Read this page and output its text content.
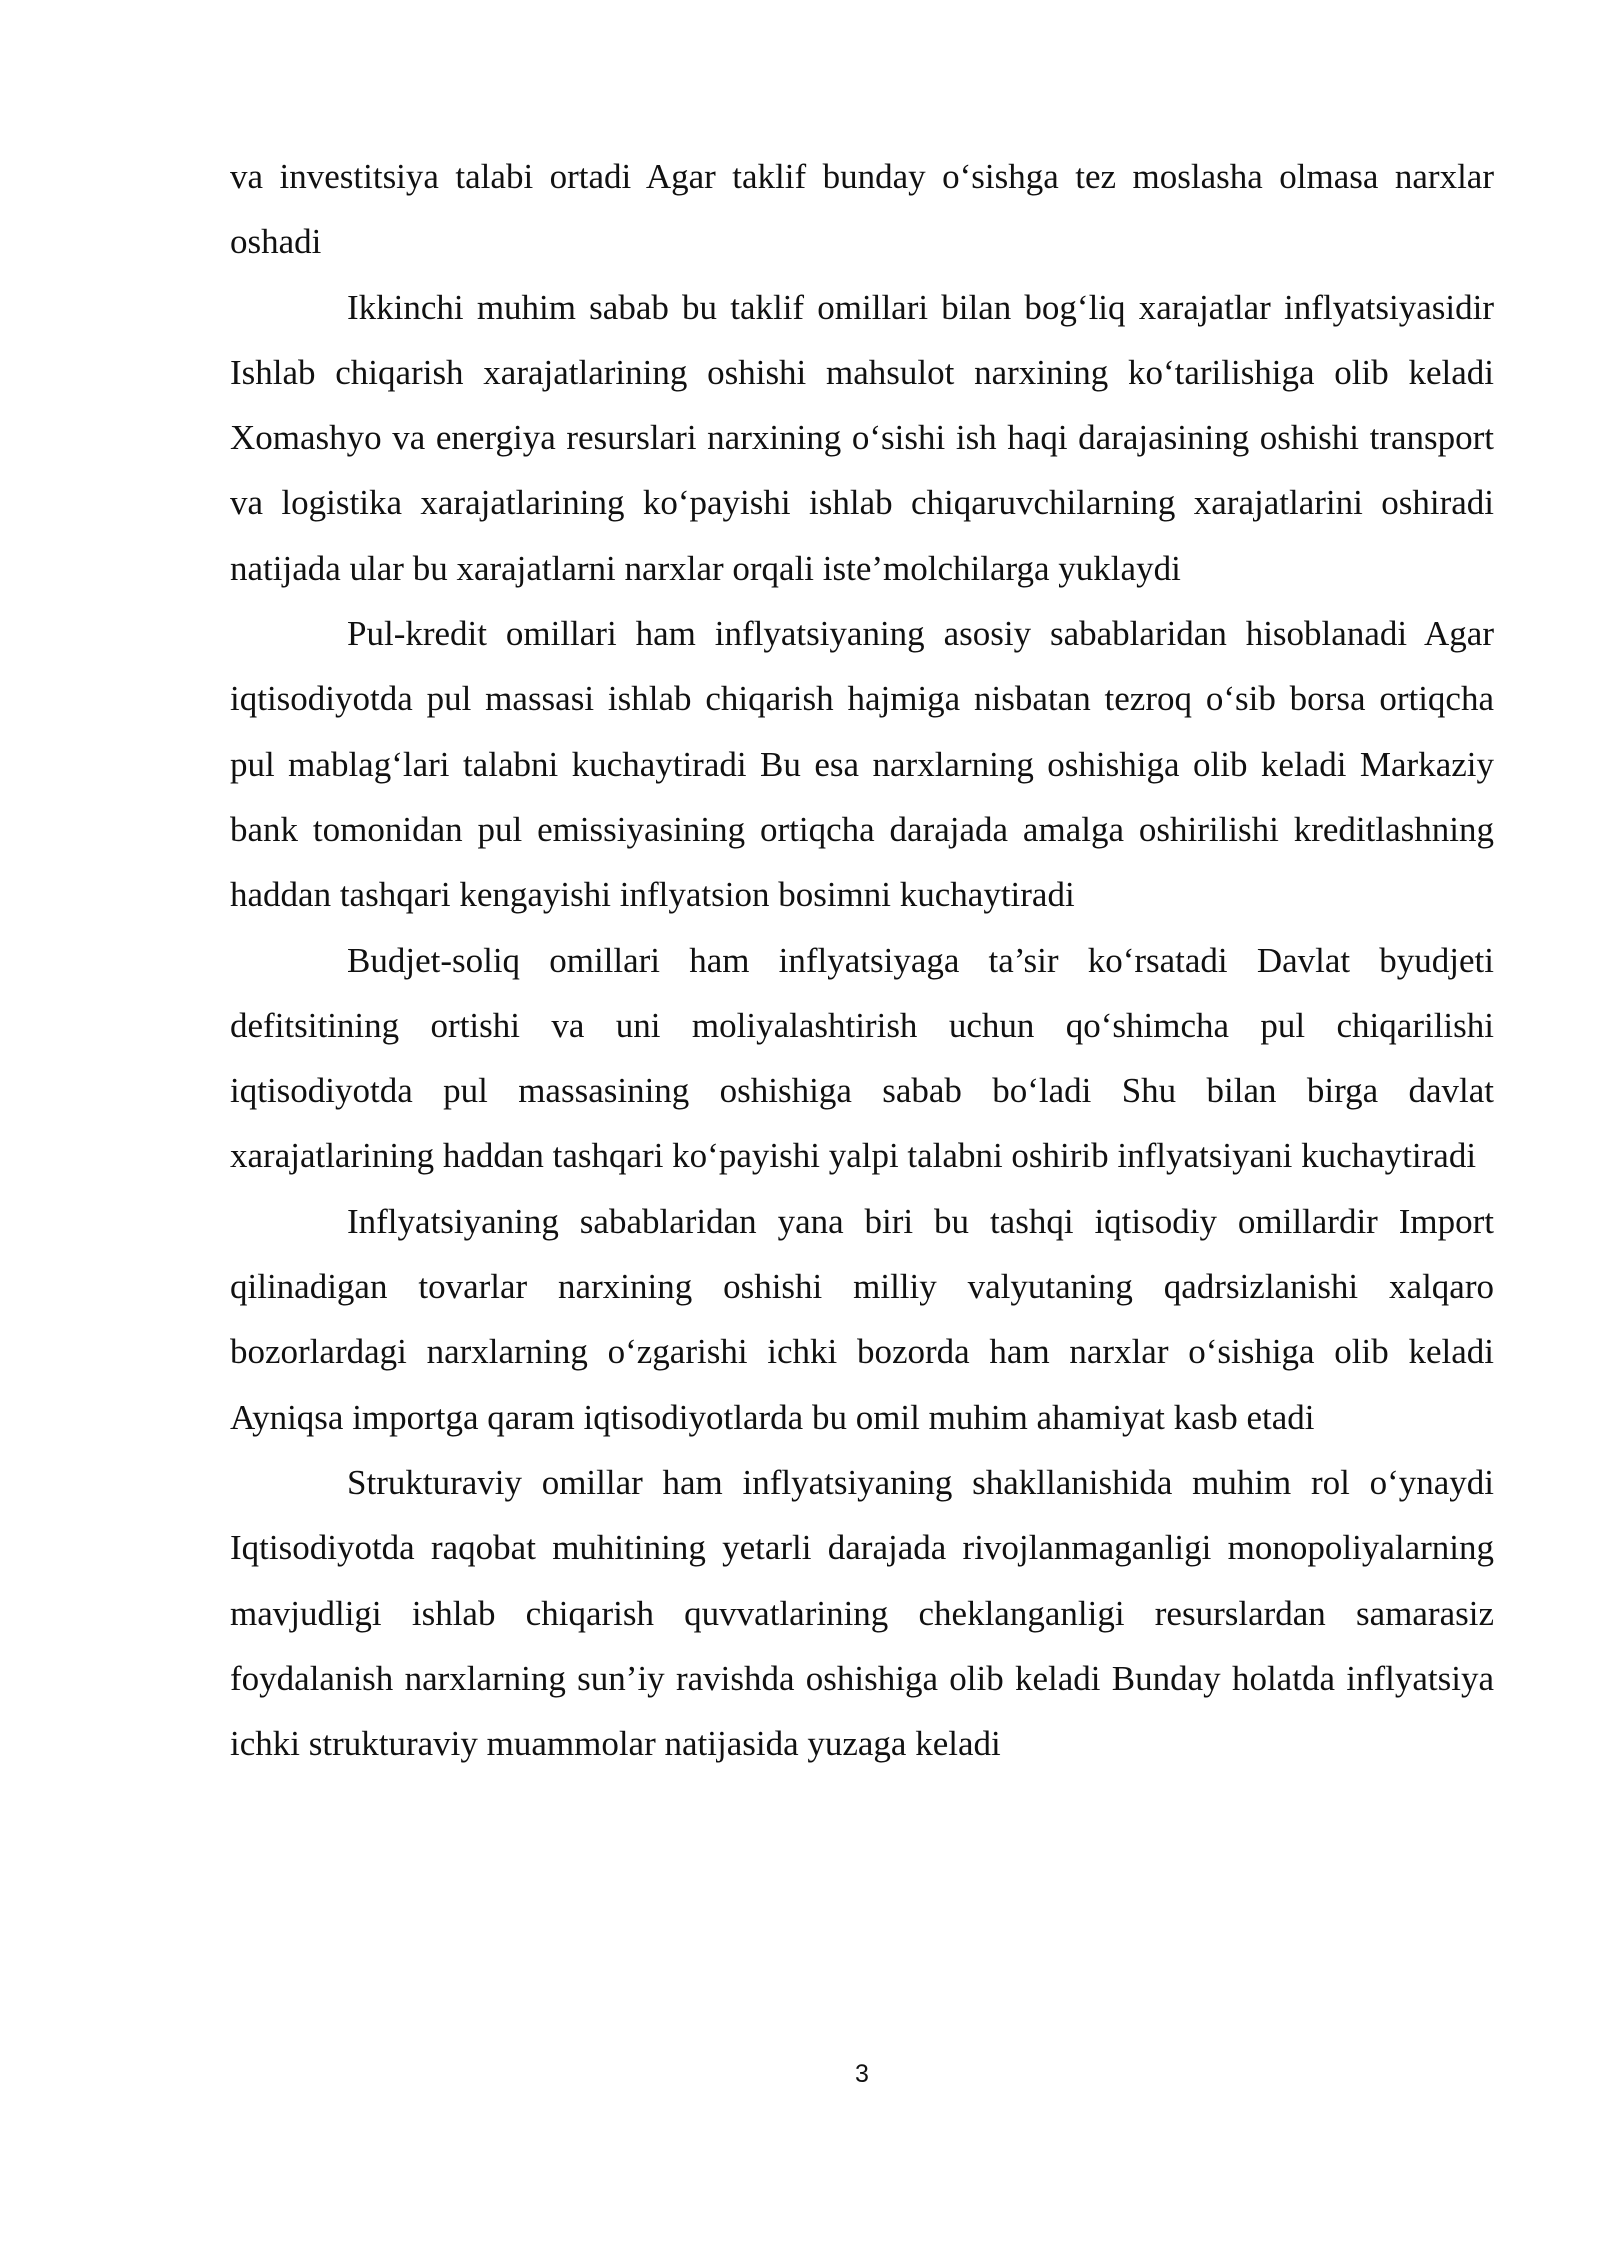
va investitsiya talabi ortadi Agar taklif bunday o‘sishga tez moslasha olmasa narxlar oshadi

Ikkinchi muhim sabab bu taklif omillari bilan bog‘liq xarajatlar inflyatsiyasidir Ishlab chiqarish xarajatlarining oshishi mahsulot narxining ko‘tarilishiga olib keladi Xomashyo va energiya resurslari narxining o‘sishi ish haqi darajasining oshishi transport va logistika xarajatlarining ko‘payishi ishlab chiqaruvchilarning xarajatlarini oshiradi natijada ular bu xarajatlarni narxlar orqali iste’molchilarga yuklaydi

Pul-kredit omillari ham inflyatsiyaning asosiy sabablaridan hisoblanadi Agar iqtisodiyotda pul massasi ishlab chiqarish hajmiga nisbatan tezroq o‘sib borsa ortiqcha pul mablag‘lari talabni kuchaytiradi Bu esa narxlarning oshishiga olib keladi Markaziy bank tomonidan pul emissiyasining ortiqcha darajada amalga oshirilishi kreditlashning haddan tashqari kengayishi inflyatsion bosimni kuchaytiradi

Budjet-soliq omillari ham inflyatsiyaga ta’sir ko‘rsatadi Davlat byudjeti defitsitining ortishi va uni moliyalashtirish uchun qo‘shimcha pul chiqarilishi iqtisodiyotda pul massasining oshishiga sabab bo‘ladi Shu bilan birga davlat xarajatlarining haddan tashqari ko‘payishi yalpi talabni oshirib inflyatsiyani kuchaytiradi

Inflyatsiyaning sabablaridan yana biri bu tashqi iqtisodiy omillardir Import qilinadigan tovarlar narxining oshishi milliy valyutaning qadrsizlanishi xalqaro bozorlardagi narxlarning o‘zgarishi ichki bozorda ham narxlar o‘sishiga olib keladi Ayniqsa importga qaram iqtisodiyotlarda bu omil muhim ahamiyat kasb etadi

Strukturaviy omillar ham inflyatsiyaning shakllanishida muhim rol o‘ynaydi Iqtisodiyotda raqobat muhitining yetarli darajada rivojlanmaganligi monopoliyalarning mavjudligi ishlab chiqarish quvvatlarining cheklanganligi resurslardan samarasiz foydalanish narxlarning sun’iy ravishda oshishiga olib keladi Bunday holatda inflyatsiya ichki strukturaviy muammolar natijasida yuzaga keladi

3
